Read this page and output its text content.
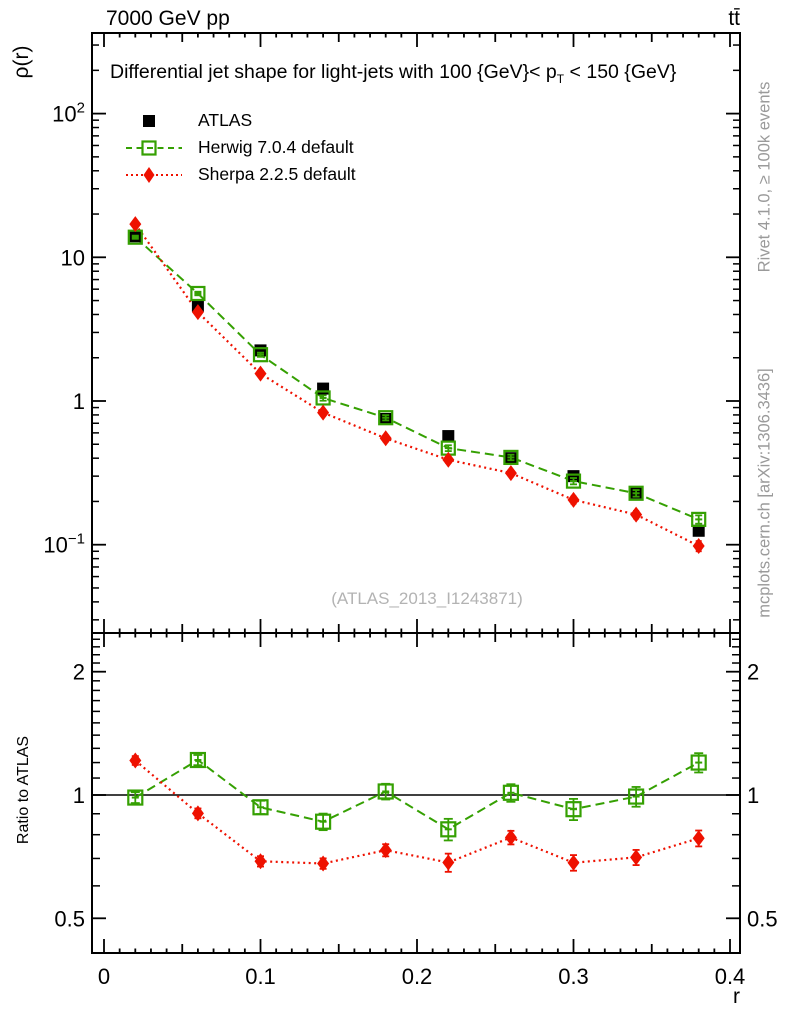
(ATLAS_2013_I1243871)
0	0.1	0.2	0.3	0.4
$10^2$
10
1
$10^{-1}$
2	2
1	1
0.5	0.5
7000 GeV pp	tt̄
Differential jet shape for light-jets with 100 $\{GeV\}< p_T < 150$ {GeV}
ρ(r)
Ratio to ATLAS
r
Rivet 4.1.0, ≥ 100k events
mcplots.cern.ch [arXiv:1306.3436]
ATLAS
Herwig 7.0.4 default
Sherpa 2.2.5 default
